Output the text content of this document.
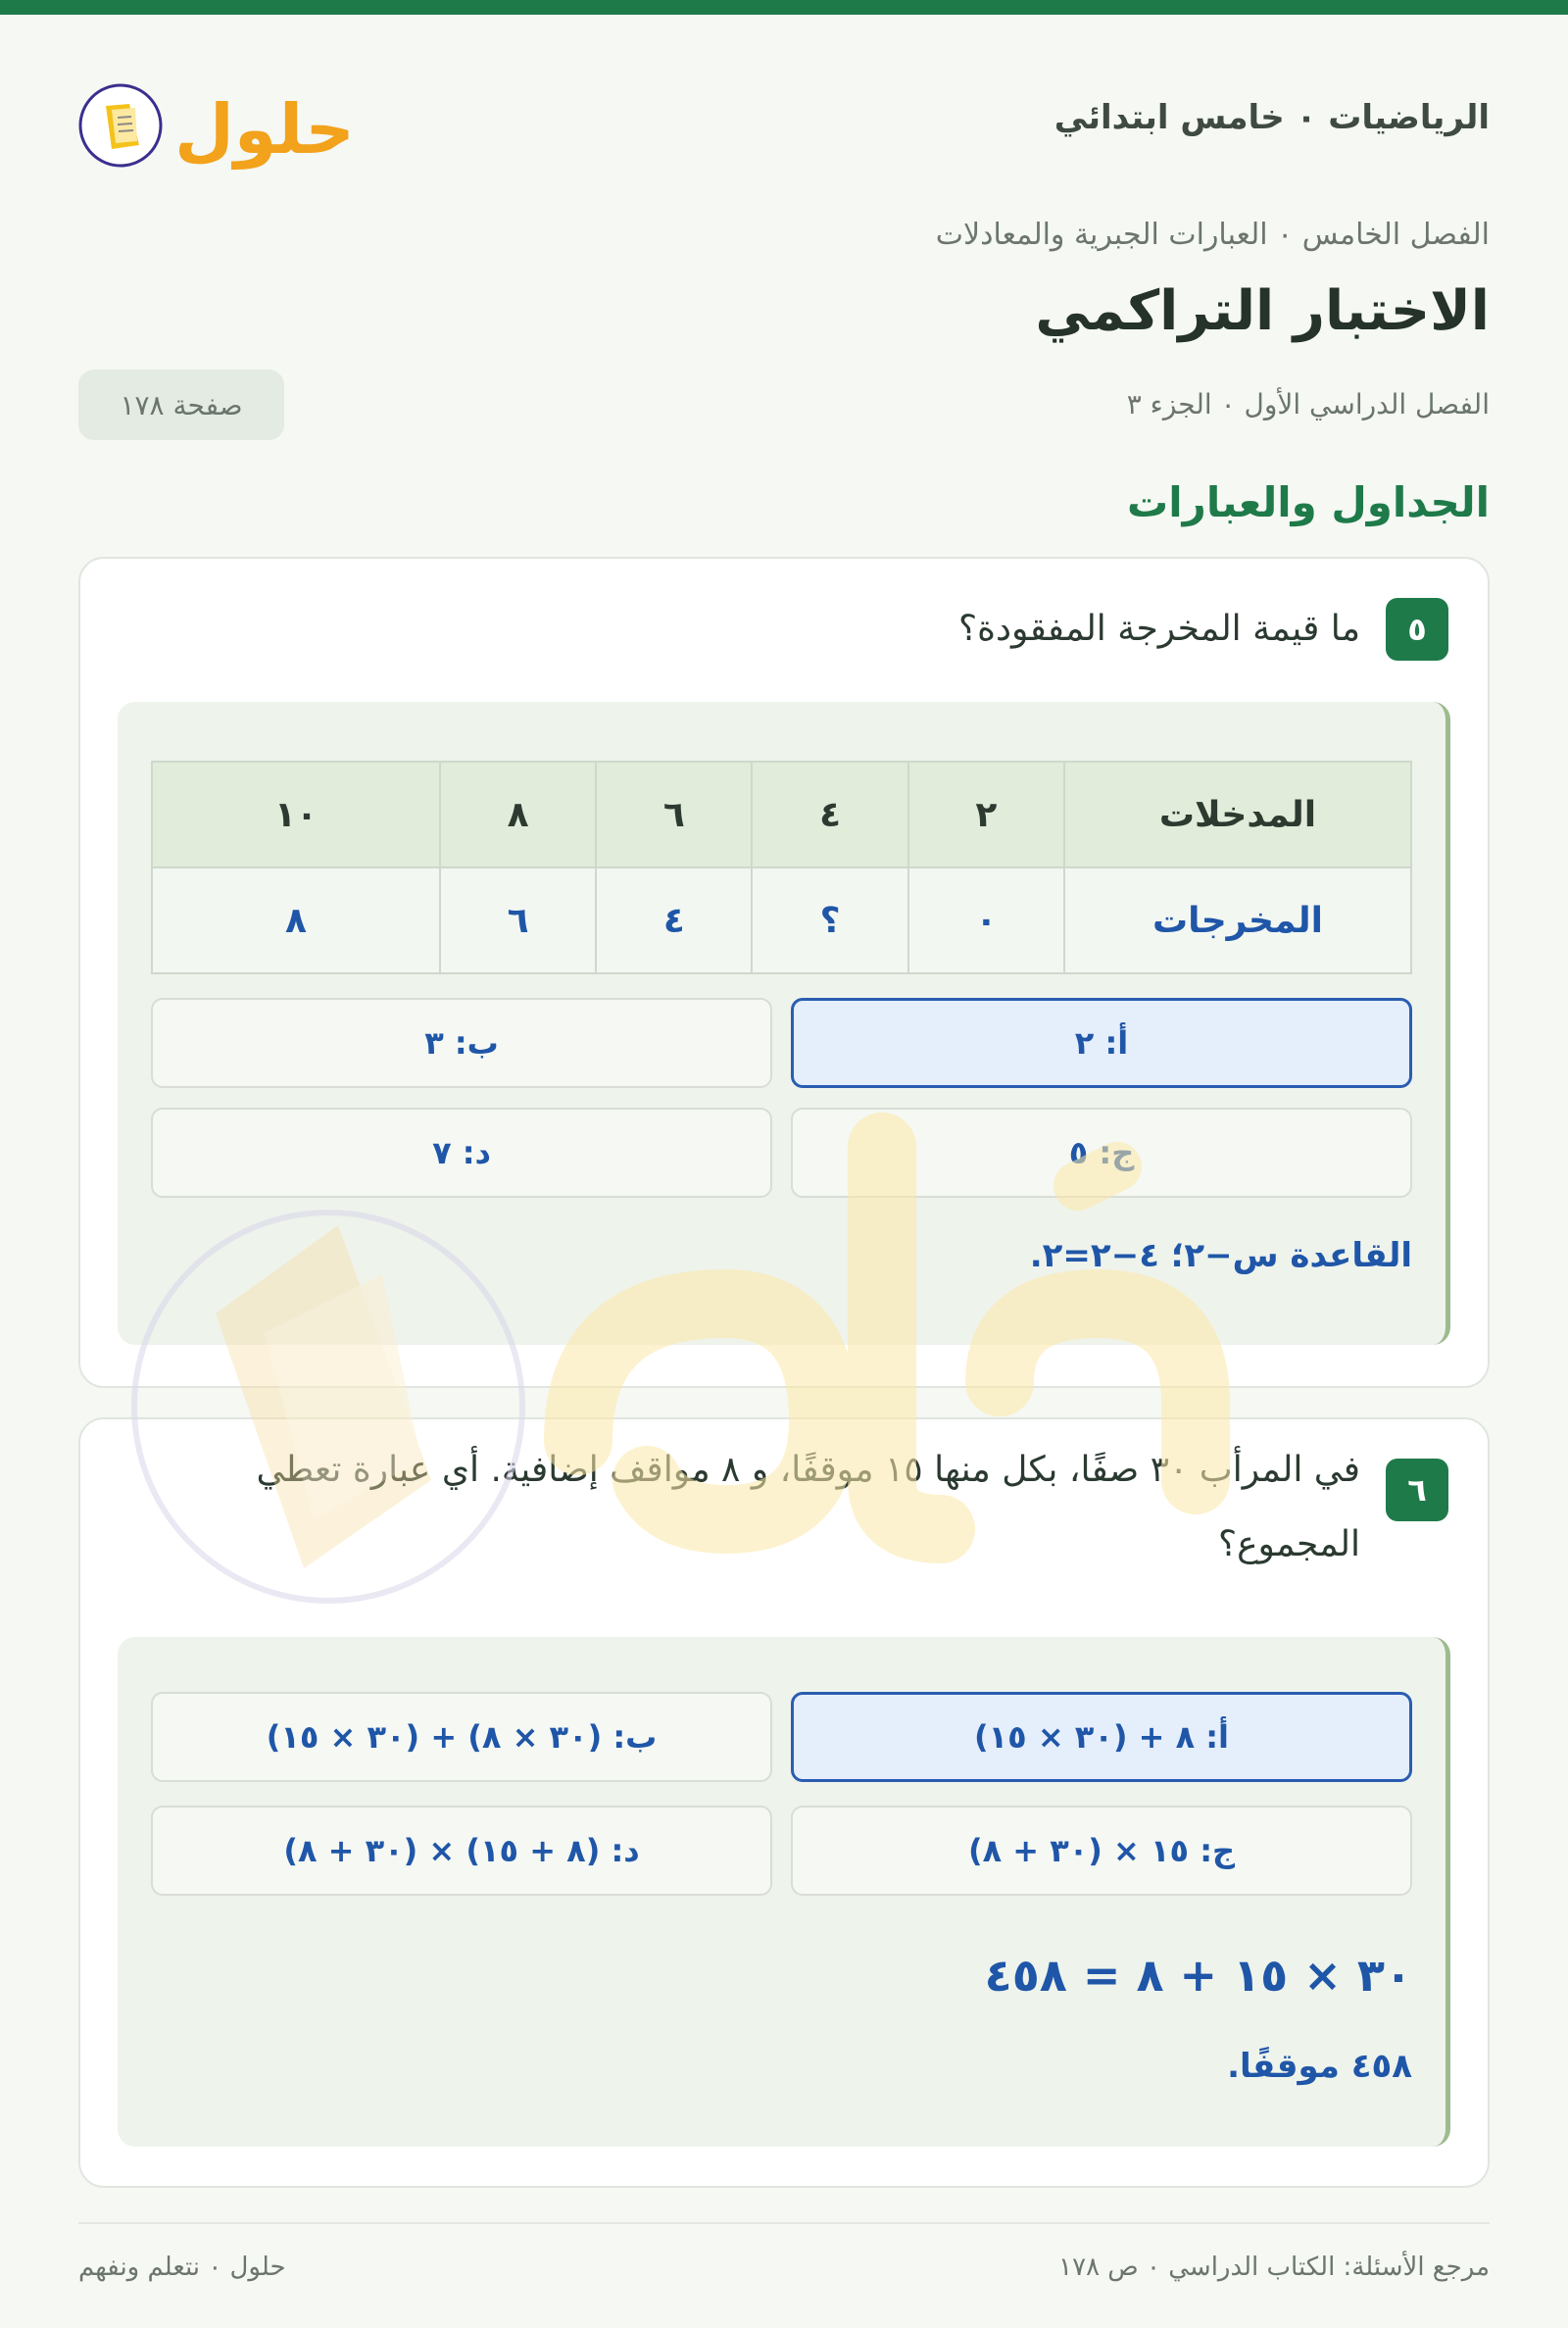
الرياضيات ٠ خامس ابتدائي
حلول
الفصل الخامس ٠ العبارات الجبرية والمعادلات
الاختبار التراكمي
الفصل الدراسي الأول ٠ الجزء ٣
صفحة ١٧٨
الجداول والعبارات
٥
ما قيمة المخرجة المفقودة؟
المدخلات	٢	٤	٦	٨	١٠
المخرجات	٠	؟	٤	٦	٨
أ: ٢
ب: ٣
ج: ٥
د: ٧
القاعدة س−٢؛ ٤−٢=٢.
٦
في المرأب ٣٠ صفًا، بكل منها ١٥ موقفًا، و ٨ مواقف إضافية. أي عبارة تعطي المجموع؟
أ:

(٣٠ × ١٥) + ٨
ب:

(٣٠ × ١٥) + (٣٠ × ٨)
ج:

(٣٠ + ٨) × ١٥
د:

(٣٠ + ٨) × (٨ + ١٥)
٣٠ × ١٥ + ٨ = ٤٥٨
٤٥٨ موقفًا.
مرجع الأسئلة: الكتاب الدراسي ٠ ص ١٧٨
حلول ٠ نتعلم ونفهم
